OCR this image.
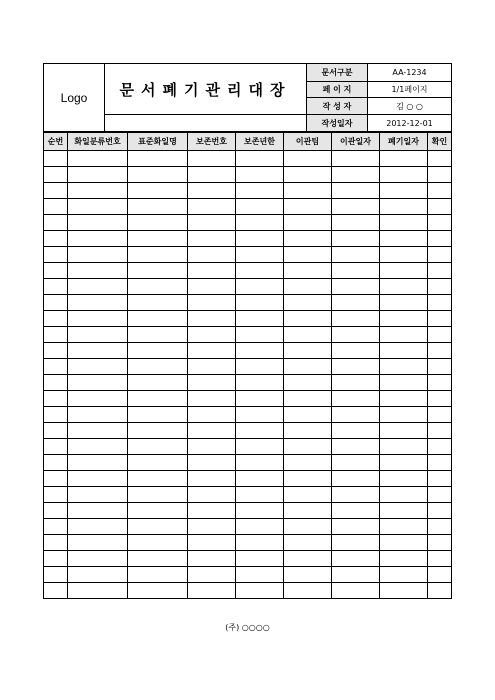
Logo	문서폐기관리대장	문서구분	AA-1234
		페 이 지	1/1페이지
		작 성 자	김 ○ ○
		작성일자	2012-12-01
순번	화일분류번호	표준화일명	보존번호	보존년한	이관팀	이관일자	폐기일자	확인

(주) ○○○○
